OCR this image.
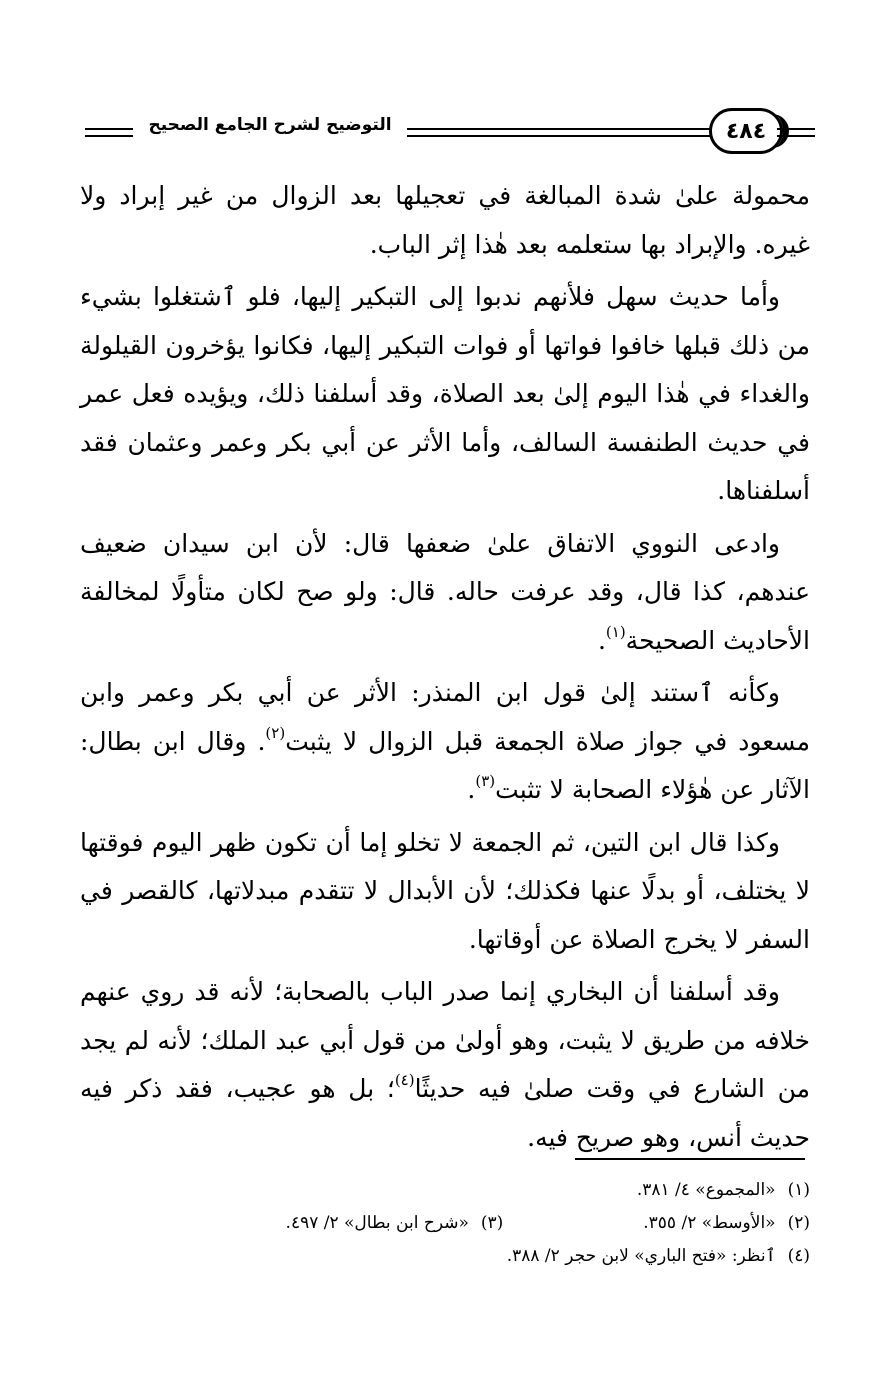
التوضيح لشرح الجامع الصحيح	٤٨٤

محمولة علىٰ شدة المبالغة في تعجيلها بعد الزوال من غير إبراد ولا غيره. والإبراد بها ستعلمه بعد هٰذا إثر الباب.

وأما حديث سهل فلأنهم ندبوا إلى التبكير إليها، فلو ٱشتغلوا بشيء من ذلك قبلها خافوا فواتها أو فوات التبكير إليها، فكانوا يؤخرون القيلولة والغداء في هٰذا اليوم إلىٰ بعد الصلاة، وقد أسلفنا ذلك، ويؤيده فعل عمر في حديث الطنفسة السالف، وأما الأثر عن أبي بكر وعمر وعثمان فقد أسلفناها.

وادعى النووي الاتفاق علىٰ ضعفها قال: لأن ابن سيدان ضعيف عندهم، كذا قال، وقد عرفت حاله. قال: ولو صح لكان متأولًا لمخالفة الأحاديث الصحيحة$^{(١)}$.

وكأنه ٱستند إلىٰ قول ابن المنذر: الأثر عن أبي بكر وعمر وابن مسعود في جواز صلاة الجمعة قبل الزوال لا يثبت$^{(٢)}$. وقال ابن بطال: الآثار عن هٰؤلاء الصحابة لا تثبت$^{(٣)}$.

وكذا قال ابن التين، ثم الجمعة لا تخلو إما أن تكون ظهر اليوم فوقتها لا يختلف، أو بدلًا عنها فكذلك؛ لأن الأبدال لا تتقدم مبدلاتها، كالقصر في السفر لا يخرج الصلاة عن أوقاتها.

وقد أسلفنا أن البخاري إنما صدر الباب بالصحابة؛ لأنه قد روي عنهم خلافه من طريق لا يثبت، وهو أولىٰ من قول أبي عبد الملك؛ لأنه لم يجد من الشارع في وقت صلىٰ فيه حديثًا$^{(٤)}$؛ بل هو عجيب، فقد ذكر فيه حديث أنس، وهو صريح فيه.

(١)«المجموع» ٤/ ٣٨١.
(٢)«الأوسط» ٢/ ٣٥٥.
(٣)«شرح ابن بطال» ٢/ ٤٩٧.
(٤)ٱنظر: «فتح الباري» لابن حجر ٢/ ٣٨٨.
